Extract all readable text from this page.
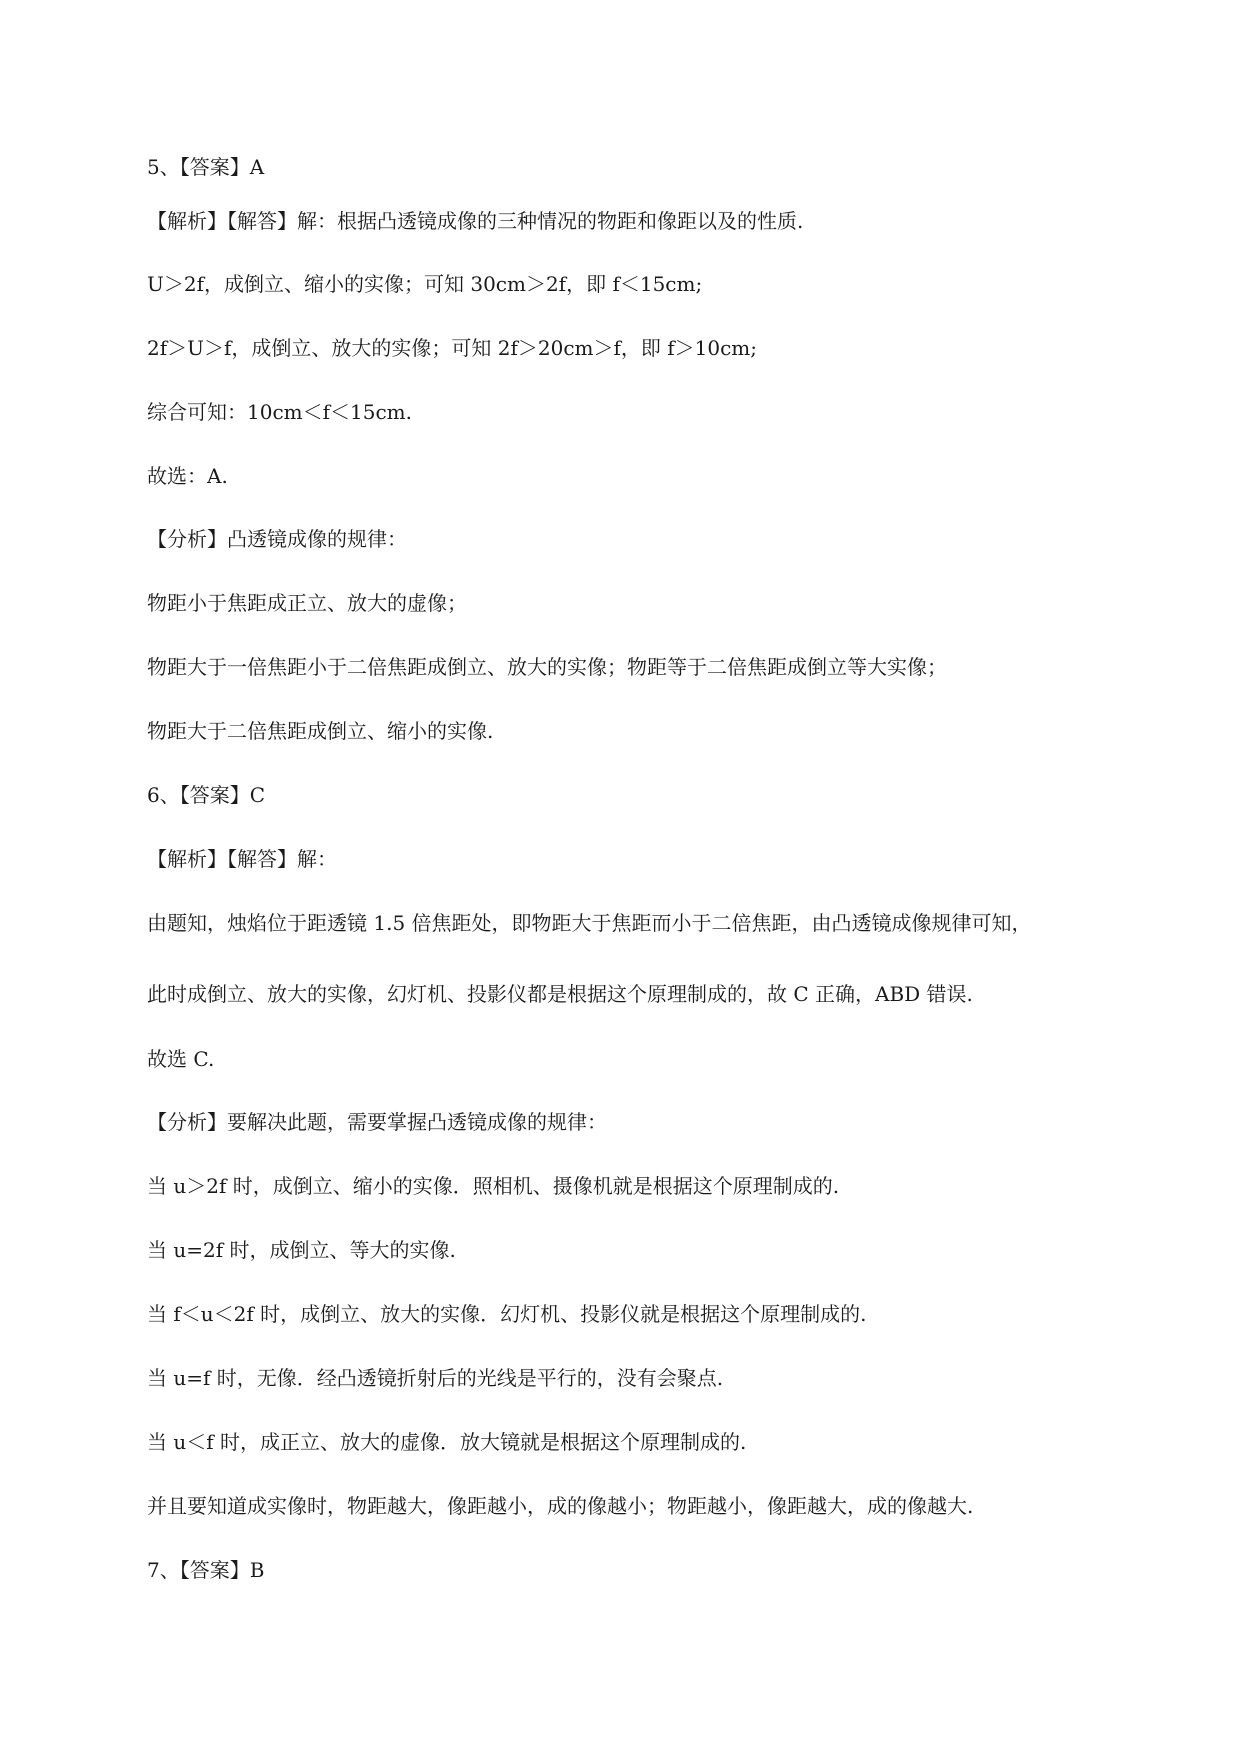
5、【答案】A
【解析】【解答】解：根据凸透镜成像的三种情况的物距和像距以及的性质.
U＞2f，成倒立、缩小的实像；可知 30cm＞2f，即 f＜15cm;
2f＞U＞f，成倒立、放大的实像；可知 2f＞20cm＞f，即 f＞10cm;
综合可知：10cm＜f＜15cm.
故选：A.
【分析】凸透镜成像的规律：
物距小于焦距成正立、放大的虚像；
物距大于一倍焦距小于二倍焦距成倒立、放大的实像；物距等于二倍焦距成倒立等大实像；
物距大于二倍焦距成倒立、缩小的实像.
6、【答案】C
【解析】【解答】解：
由题知，烛焰位于距透镜 1.5 倍焦距处，即物距大于焦距而小于二倍焦距，由凸透镜成像规律可知，
此时成倒立、放大的实像，幻灯机、投影仪都是根据这个原理制成的，故 C 正确，ABD 错误.
故选 C.
【分析】要解决此题，需要掌握凸透镜成像的规律：
当 u＞2f 时，成倒立、缩小的实像．照相机、摄像机就是根据这个原理制成的.
当 u=2f 时，成倒立、等大的实像.
当 f＜u＜2f 时，成倒立、放大的实像．幻灯机、投影仪就是根据这个原理制成的.
当 u=f 时，无像．经凸透镜折射后的光线是平行的，没有会聚点.
当 u＜f 时，成正立、放大的虚像．放大镜就是根据这个原理制成的.
并且要知道成实像时，物距越大，像距越小，成的像越小；物距越小，像距越大，成的像越大.
7、【答案】B
